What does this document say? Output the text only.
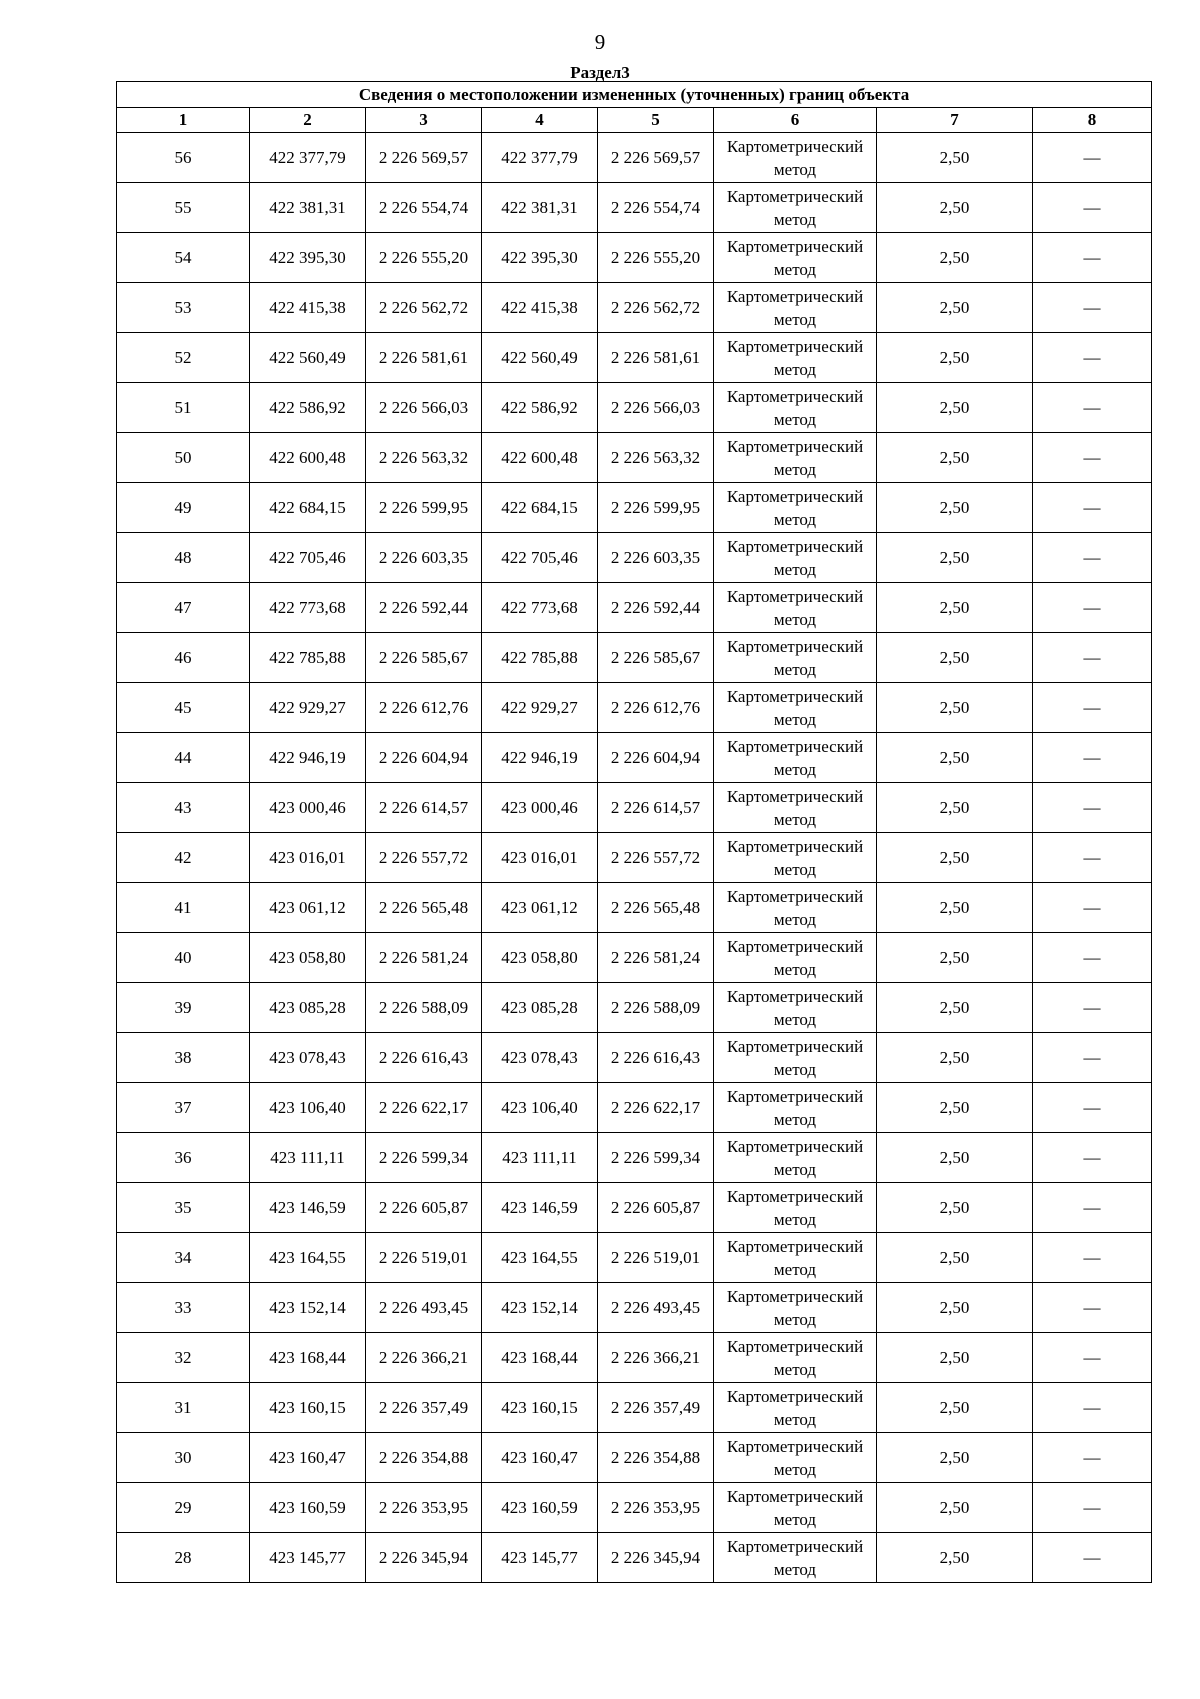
9
Раздел3
Сведения о местоположении измененных (уточненных) границ объекта							
1	2	3	4	5	6	7	8
56	422 377,79	2 226 569,57	422 377,79	2 226 569,57	Картометрический метод	2,50	—
55	422 381,31	2 226 554,74	422 381,31	2 226 554,74	Картометрический метод	2,50	—
54	422 395,30	2 226 555,20	422 395,30	2 226 555,20	Картометрический метод	2,50	—
53	422 415,38	2 226 562,72	422 415,38	2 226 562,72	Картометрический метод	2,50	—
52	422 560,49	2 226 581,61	422 560,49	2 226 581,61	Картометрический метод	2,50	—
51	422 586,92	2 226 566,03	422 586,92	2 226 566,03	Картометрический метод	2,50	—
50	422 600,48	2 226 563,32	422 600,48	2 226 563,32	Картометрический метод	2,50	—
49	422 684,15	2 226 599,95	422 684,15	2 226 599,95	Картометрический метод	2,50	—
48	422 705,46	2 226 603,35	422 705,46	2 226 603,35	Картометрический метод	2,50	—
47	422 773,68	2 226 592,44	422 773,68	2 226 592,44	Картометрический метод	2,50	—
46	422 785,88	2 226 585,67	422 785,88	2 226 585,67	Картометрический метод	2,50	—
45	422 929,27	2 226 612,76	422 929,27	2 226 612,76	Картометрический метод	2,50	—
44	422 946,19	2 226 604,94	422 946,19	2 226 604,94	Картометрический метод	2,50	—
43	423 000,46	2 226 614,57	423 000,46	2 226 614,57	Картометрический метод	2,50	—
42	423 016,01	2 226 557,72	423 016,01	2 226 557,72	Картометрический метод	2,50	—
41	423 061,12	2 226 565,48	423 061,12	2 226 565,48	Картометрический метод	2,50	—
40	423 058,80	2 226 581,24	423 058,80	2 226 581,24	Картометрический метод	2,50	—
39	423 085,28	2 226 588,09	423 085,28	2 226 588,09	Картометрический метод	2,50	—
38	423 078,43	2 226 616,43	423 078,43	2 226 616,43	Картометрический метод	2,50	—
37	423 106,40	2 226 622,17	423 106,40	2 226 622,17	Картометрический метод	2,50	—
36	423 111,11	2 226 599,34	423 111,11	2 226 599,34	Картометрический метод	2,50	—
35	423 146,59	2 226 605,87	423 146,59	2 226 605,87	Картометрический метод	2,50	—
34	423 164,55	2 226 519,01	423 164,55	2 226 519,01	Картометрический метод	2,50	—
33	423 152,14	2 226 493,45	423 152,14	2 226 493,45	Картометрический метод	2,50	—
32	423 168,44	2 226 366,21	423 168,44	2 226 366,21	Картометрический метод	2,50	—
31	423 160,15	2 226 357,49	423 160,15	2 226 357,49	Картометрический метод	2,50	—
30	423 160,47	2 226 354,88	423 160,47	2 226 354,88	Картометрический метод	2,50	—
29	423 160,59	2 226 353,95	423 160,59	2 226 353,95	Картометрический метод	2,50	—
28	423 145,77	2 226 345,94	423 145,77	2 226 345,94	Картометрический метод	2,50	—
